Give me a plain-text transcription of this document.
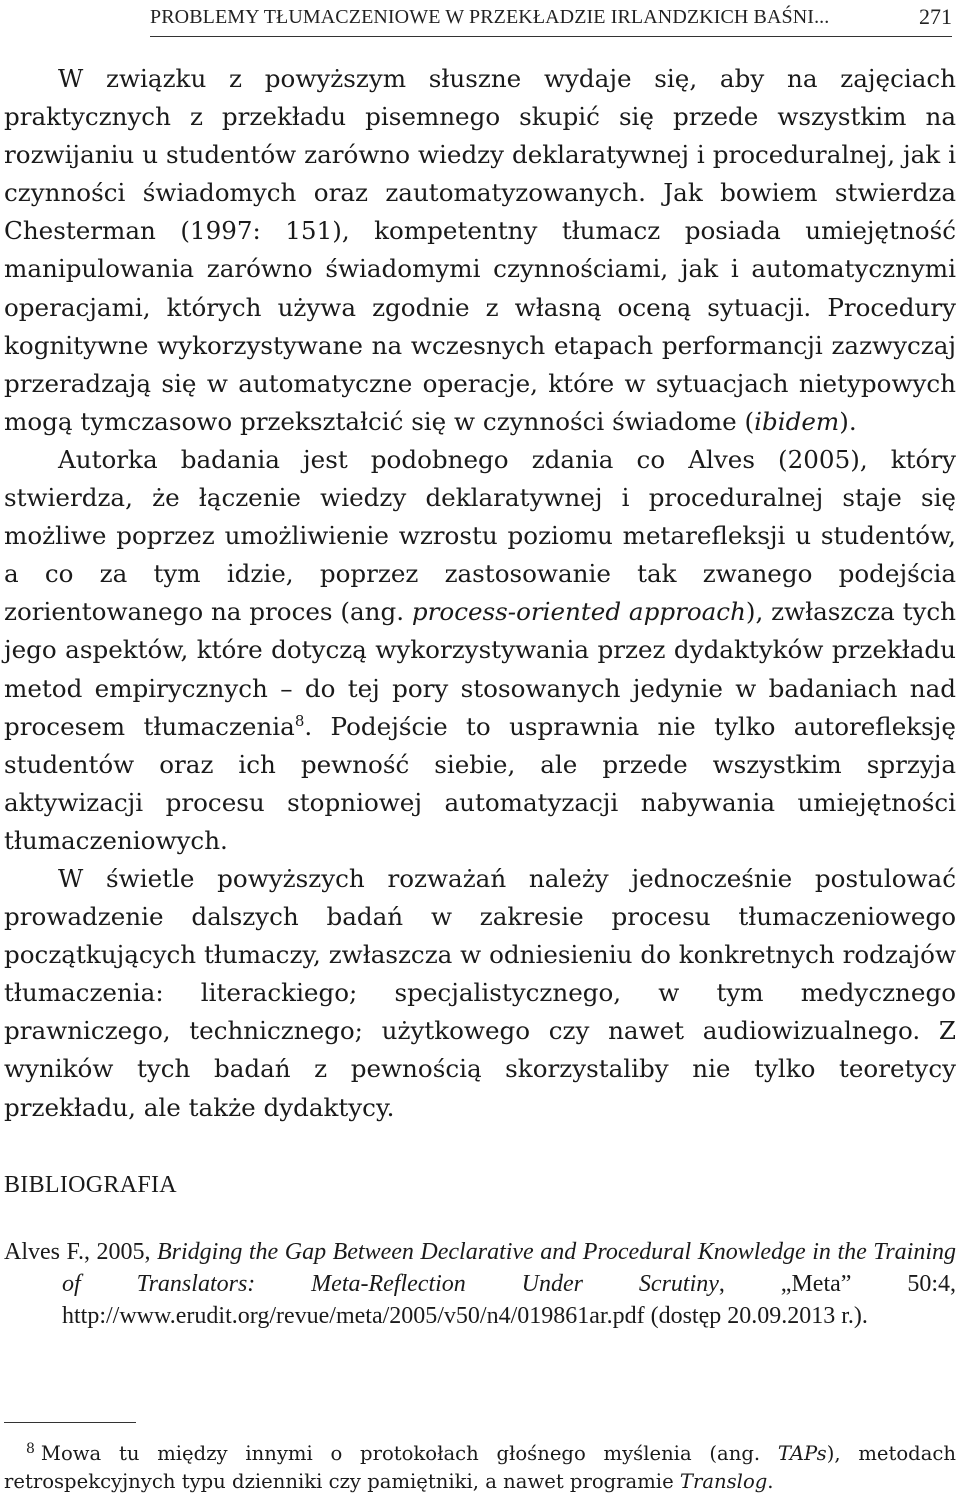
PROBLEMY TŁUMACZENIOWE W PRZEKŁADZIE IRLANDZKICH BAŚNI...	271

W związku z powyższym słuszne wydaje się, aby na zajęciach praktycznych z przekładu pisemnego skupić się przede wszystkim na rozwijaniu u studentów zarówno wiedzy deklaratywnej i proceduralnej, jak i czynności świadomych oraz zautomatyzowanych. Jak bowiem stwierdza Chesterman (1997: 151), kompetentny tłumacz posiada umiejętność manipulowania zarówno świadomymi czynnościami, jak i automatycznymi operacjami, których używa zgodnie z własną oceną sytuacji. Procedury kognitywne wykorzystywane na wczesnych etapach performancji zazwyczaj przeradzają się w automatyczne operacje, które w sytuacjach nietypowych mogą tymczasowo przekształcić się w czynności świadome (ibidem).

Autorka badania jest podobnego zdania co Alves (2005), który stwierdza, że łączenie wiedzy deklaratywnej i proceduralnej staje się możliwe poprzez umożliwienie wzrostu poziomu metarefleksji u studentów, a co za tym idzie, poprzez zastosowanie tak zwanego podejścia zorientowanego na proces (ang. process-oriented approach), zwłaszcza tych jego aspektów, które dotyczą wykorzystywania przez dydaktyków przekładu metod empirycznych – do tej pory stosowanych jedynie w badaniach nad procesem tłumaczenia$^8$. Podejście to usprawnia nie tylko autorefleksję studentów oraz ich pewność siebie, ale przede wszystkim sprzyja aktywizacji procesu stopniowej automatyzacji nabywania umiejętności tłumaczeniowych.

W świetle powyższych rozważań należy jednocześnie postulować prowadzenie dalszych badań w zakresie procesu tłumaczeniowego początkujących tłumaczy, zwłaszcza w odniesieniu do konkretnych rodzajów tłumaczenia: literackiego; specjalistycznego, w tym medycznego prawniczego, technicznego; użytkowego czy nawet audiowizualnego. Z wyników tych badań z pewnością skorzystaliby nie tylko teoretycy przekładu, ale także dydaktycy.

BIBLIOGRAFIA

Alves F., 2005, Bridging the Gap Between Declarative and Procedural Knowledge in the Training of Translators: Meta-Reflection Under Scrutiny, „Meta” 50:4, http://www.erudit.org/revue/meta/2005/v50/n4/019861ar.pdf (dostęp 20.09.2013 r.).

$^8$ Mowa tu między innymi o protokołach głośnego myślenia (ang. TAPs), metodach retrospekcyjnych typu dzienniki czy pamiętniki, a nawet programie Translog.
